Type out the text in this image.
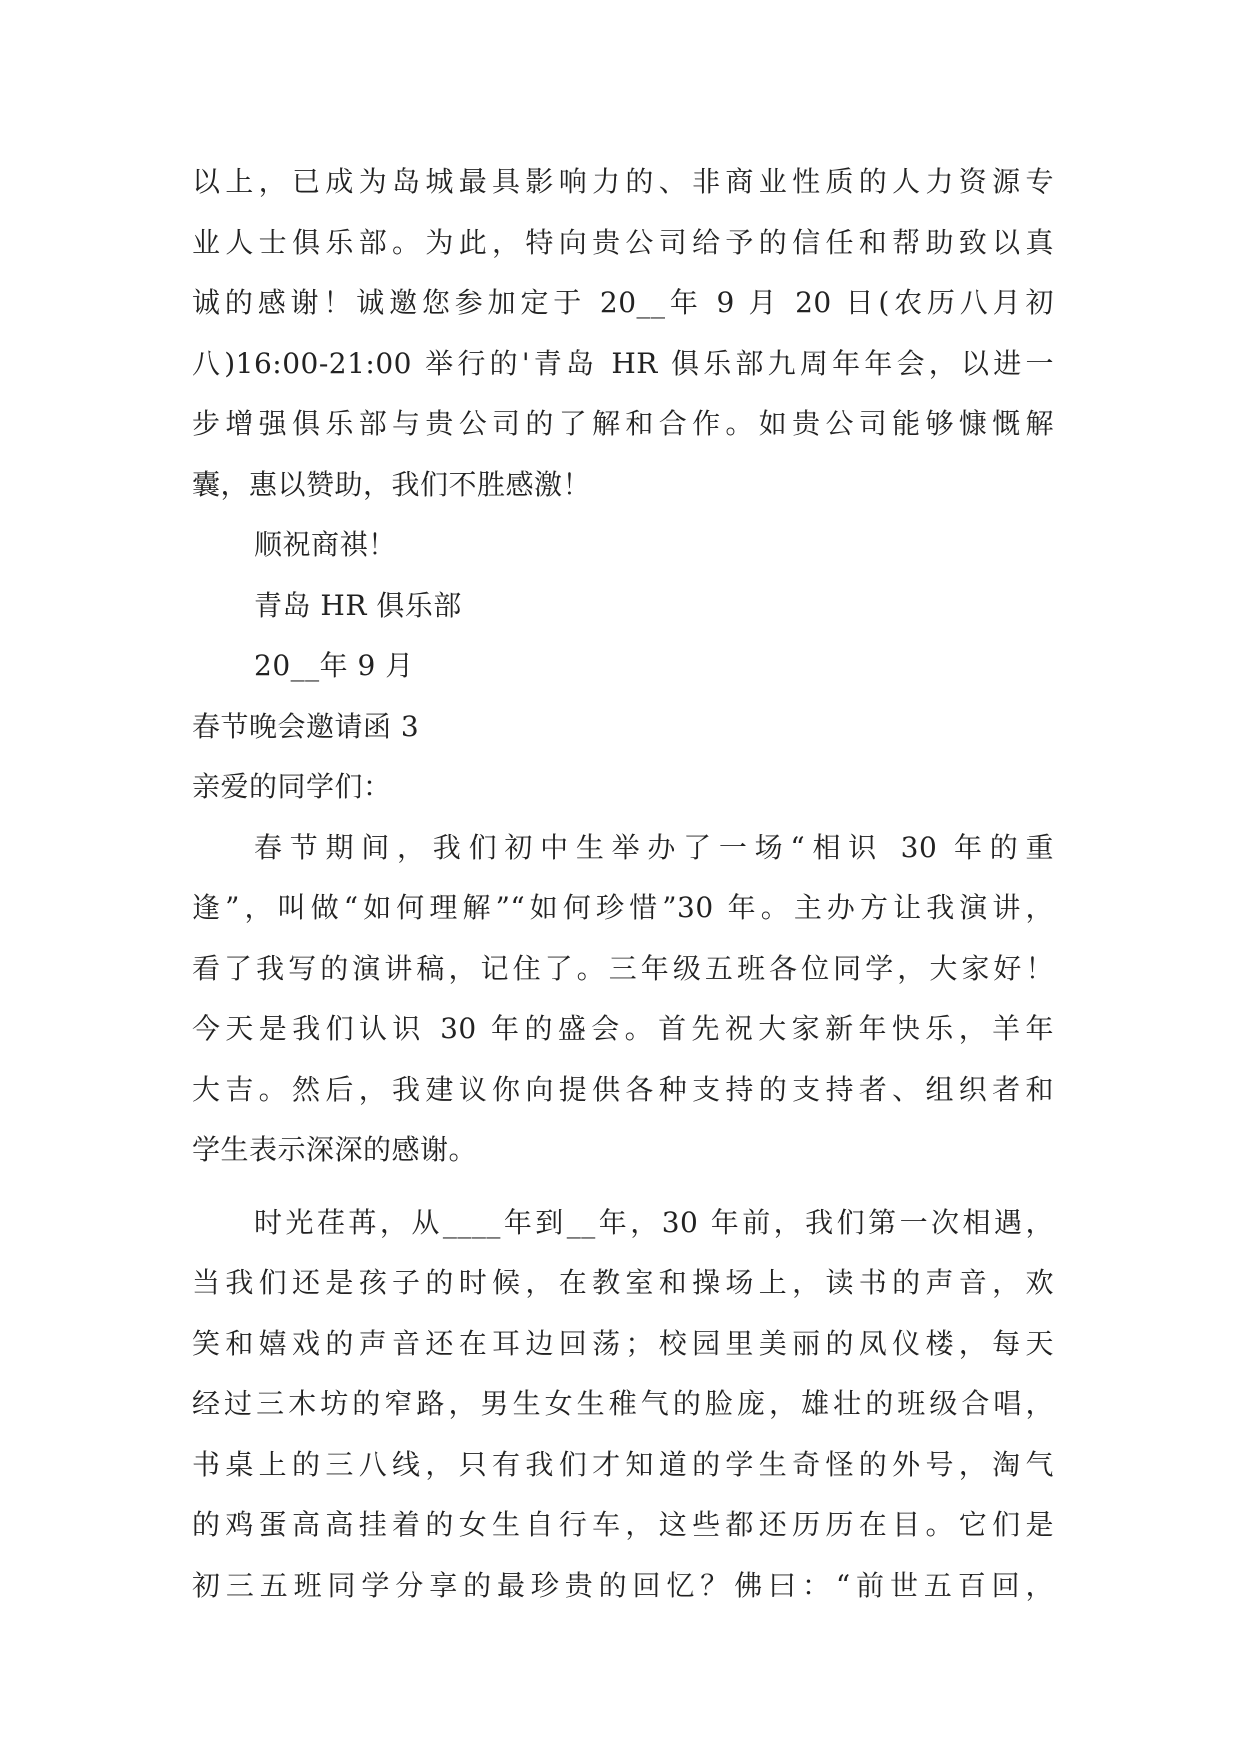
以上，已成为岛城最具影响力的、非商业性质的人力资源专
业人士俱乐部。为此，特向贵公司给予的信任和帮助致以真
诚的感谢！诚邀您参加定于 20__年 9 月 20 日(农历八月初
八)16:00-21:00 举行的'青岛 HR 俱乐部九周年年会，以进一
步增强俱乐部与贵公司的了解和合作。如贵公司能够慷慨解
囊，惠以赞助，我们不胜感激！
顺祝商祺！
青岛 HR 俱乐部
20__年 9 月
春节晚会邀请函 3
亲爱的同学们：
春节期间，我们初中生举办了一场“相识 30 年的重
逢”，叫做“如何理解”“如何珍惜”30 年。主办方让我演讲，
看了我写的演讲稿，记住了。三年级五班各位同学，大家好！
今天是我们认识 30 年的盛会。首先祝大家新年快乐，羊年
大吉。然后，我建议你向提供各种支持的支持者、组织者和
学生表示深深的感谢。
时光荏苒，从____年到__年，30 年前，我们第一次相遇，
当我们还是孩子的时候，在教室和操场上，读书的声音，欢
笑和嬉戏的声音还在耳边回荡；校园里美丽的凤仪楼，每天
经过三木坊的窄路，男生女生稚气的脸庞，雄壮的班级合唱，
书桌上的三八线，只有我们才知道的学生奇怪的外号，淘气
的鸡蛋高高挂着的女生自行车，这些都还历历在目。它们是
初三五班同学分享的最珍贵的回忆？佛曰：“前世五百回，
